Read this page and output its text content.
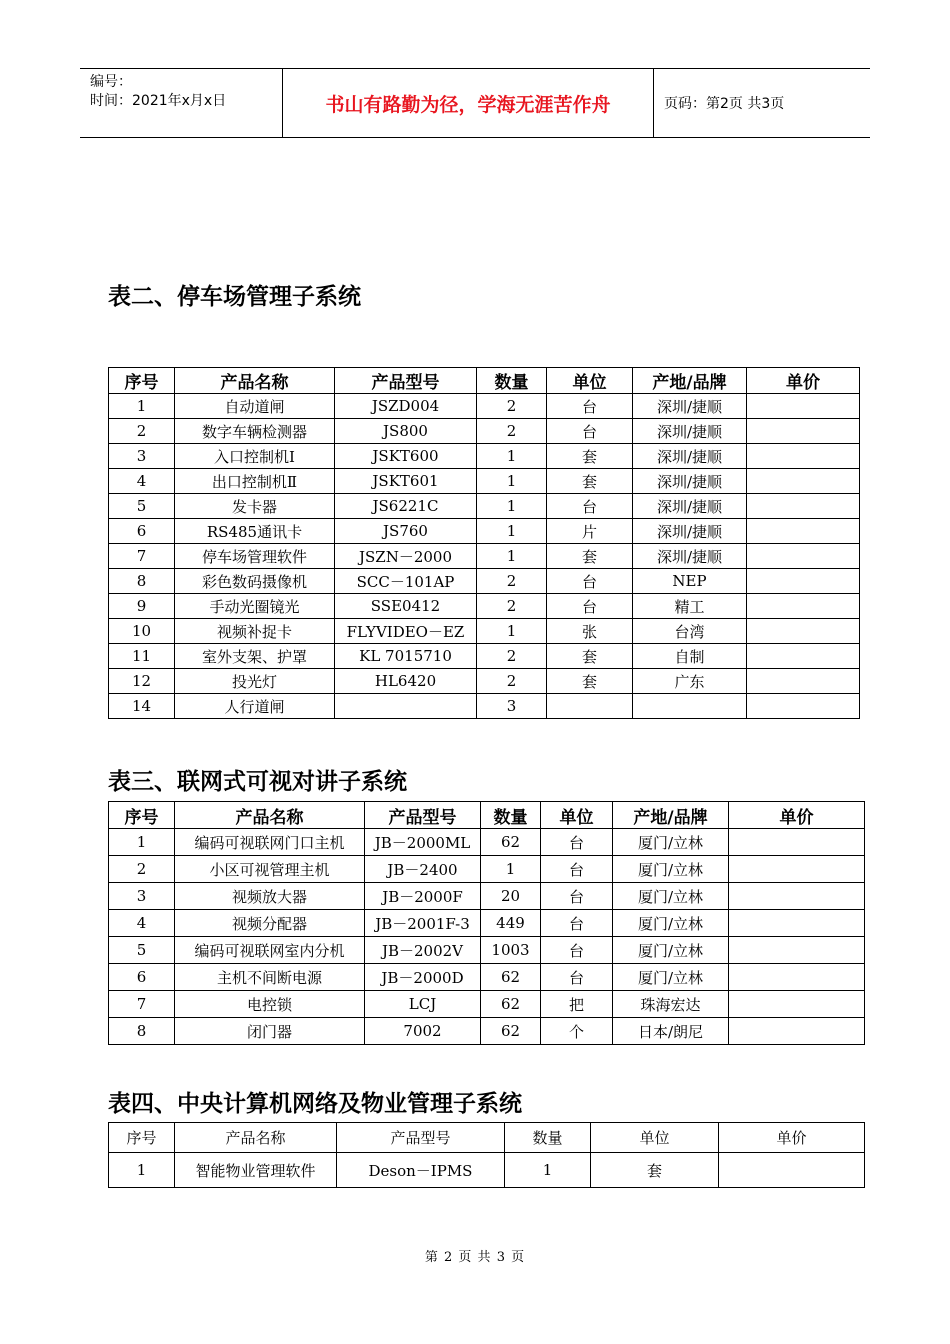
编号：
时间：2021年x月x日	书山有路勤为径，学海无涯苦作舟	页码：第2页 共3页
表二、停车场管理子系统
序号	产品名称	产品型号	数量	单位	产地/品牌	单价
1	自动道闸	JSZD004	2	台	深圳/捷顺	
2	数字车辆检测器	JS800	2	台	深圳/捷顺	
3	入口控制机Ⅰ	JSKT600	1	套	深圳/捷顺	
4	出口控制机Ⅱ	JSKT601	1	套	深圳/捷顺	
5	发卡器	JS6221C	1	台	深圳/捷顺	
6	RS485通讯卡	JS760	1	片	深圳/捷顺	
7	停车场管理软件	JSZN－2000	1	套	深圳/捷顺	
8	彩色数码摄像机	SCC－101AP	2	台	NEP	
9	手动光圈镜光	SSE0412	2	台	精工	
10	视频补捉卡	FLYVIDEO－EZ	1	张	台湾	
11	室外支架、护罩	KL 7015710	2	套	自制	
12	投光灯	HL6420	2	套	广东	
14	人行道闸		3			
表三、联网式可视对讲子系统
序号	产品名称	产品型号	数量	单位	产地/品牌	单价
1	编码可视联网门口主机	JB－2000ML	62	台	厦门/立林	
2	小区可视管理主机	JB－2400	1	台	厦门/立林	
3	视频放大器	JB－2000F	20	台	厦门/立林	
4	视频分配器	JB－2001F-3	449	台	厦门/立林	
5	编码可视联网室内分机	JB－2002V	1003	台	厦门/立林	
6	主机不间断电源	JB－2000D	62	台	厦门/立林	
7	电控锁	LCJ	62	把	珠海宏达	
8	闭门器	7002	62	个	日本/朗尼	
表四、中央计算机网络及物业管理子系统
序号	产品名称	产品型号	数量	单位	单价
1	智能物业管理软件	Deson－IPMS	1	套	
第 2 页 共 3 页
